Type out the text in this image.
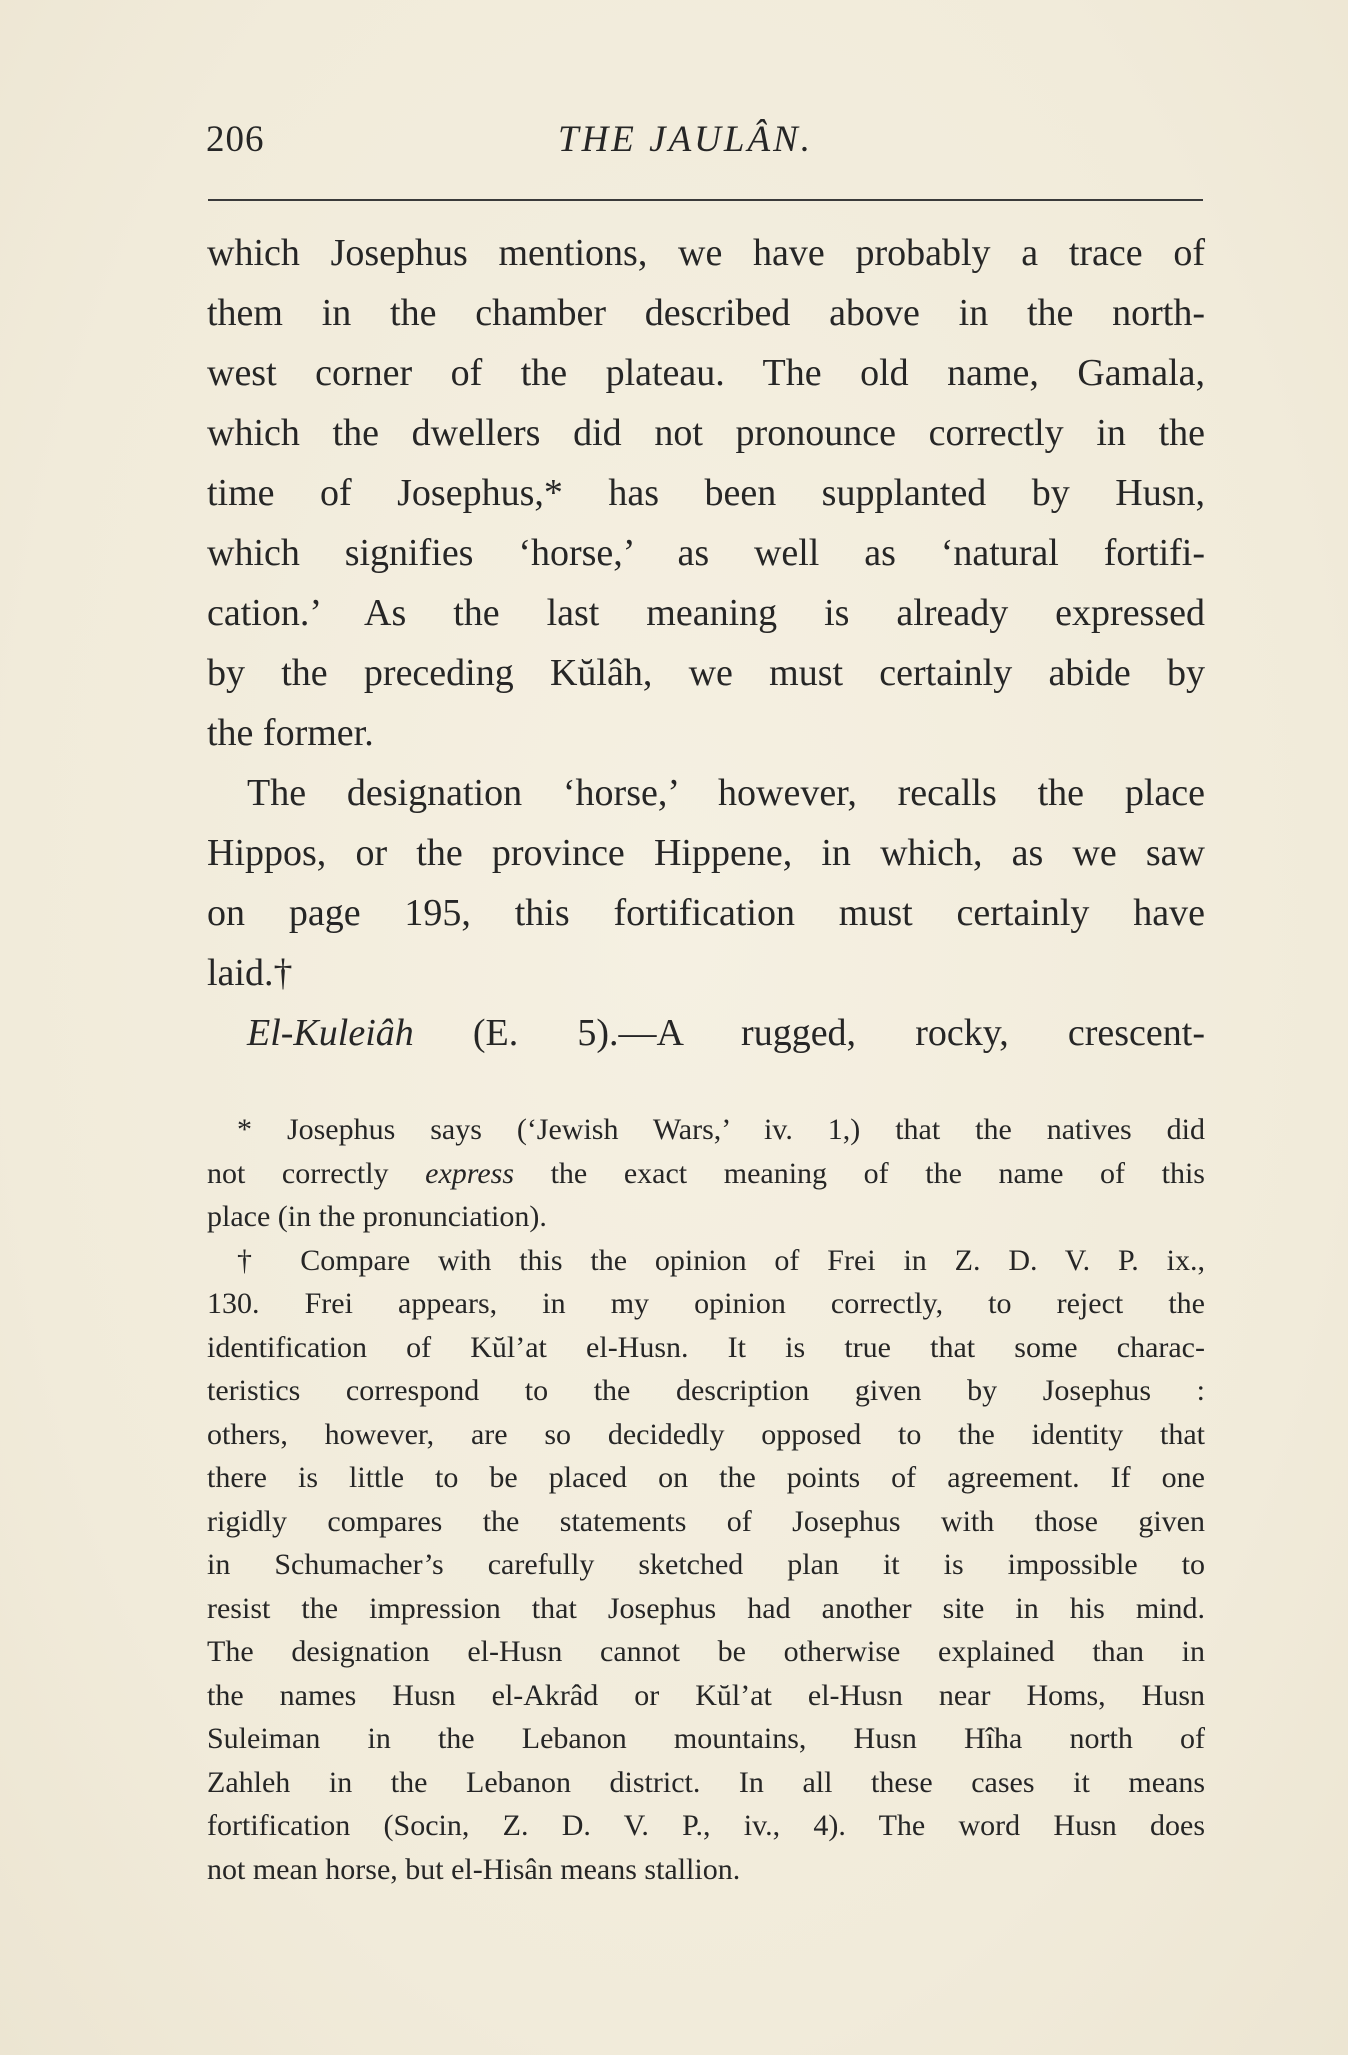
206	THE JAULÂN.
which Josephus mentions, we have probably a trace of
them in the chamber described above in the north-
west corner of the plateau. The old name, Gamala,
which the dwellers did not pronounce correctly in the
time of Josephus,* has been supplanted by Husn,
which signifies ‘horse,’ as well as ‘natural fortifi-
cation.’ As the last meaning is already expressed
by the preceding Kŭlâh, we must certainly abide by
the former.
The designation ‘horse,’ however, recalls the place
Hippos, or the province Hippene, in which, as we saw
on page 195, this fortification must certainly have
laid.†
El-Kuleiâh (E. 5).—A rugged, rocky, crescent-
* Josephus says (‘Jewish Wars,’ iv. 1,) that the natives did
not correctly express the exact meaning of the name of this
place (in the pronunciation).
† Compare with this the opinion of Frei in Z. D. V. P. ix.,
130. Frei appears, in my opinion correctly, to reject the
identification of Kŭl’at el-Husn. It is true that some charac-
teristics correspond to the description given by Josephus :
others, however, are so decidedly opposed to the identity that
there is little to be placed on the points of agreement. If one
rigidly compares the statements of Josephus with those given
in Schumacher’s carefully sketched plan it is impossible to
resist the impression that Josephus had another site in his mind.
The designation el-Husn cannot be otherwise explained than in
the names Husn el-Akrâd or Kŭl’at el-Husn near Homs, Husn
Suleiman in the Lebanon mountains, Husn Hîha north of
Zahleh in the Lebanon district. In all these cases it means
fortification (Socin, Z. D. V. P., iv., 4). The word Husn does
not mean horse, but el-Hisân means stallion.
